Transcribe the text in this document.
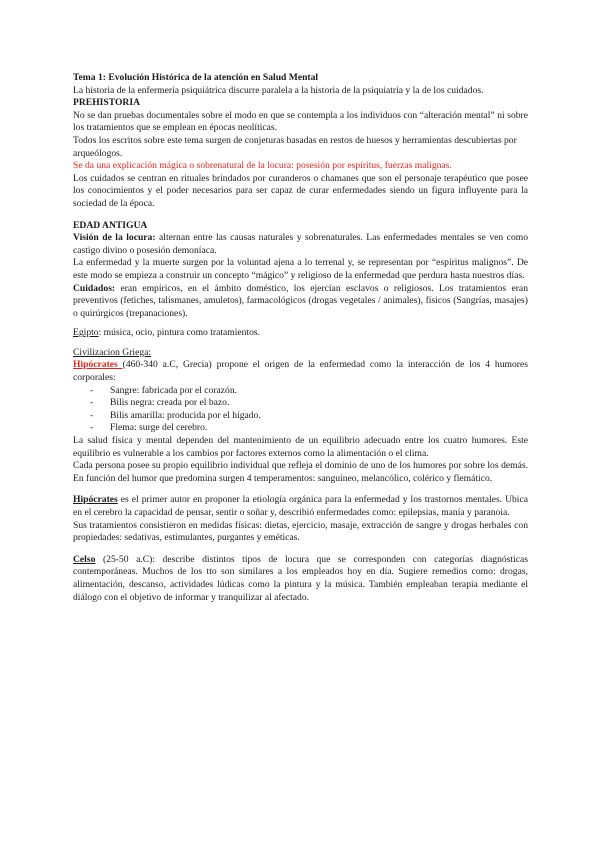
Tema 1: Evolución Histórica de la atención en Salud Mental

La historia de la enfermería psiquiátrica discurre paralela a la historia de la psiquiatría y la de los cuidados.

PREHISTORIA

No se dan pruebas documentales sobre el modo en que se contempla a los individuos con “alteración mental” ni sobre los tratamientos que se emplean en épocas neolíticas.

Todos los escritos sobre este tema surgen de conjeturas basadas en restos de huesos y herramientas descubiertas por arqueólogos.

Se da una explicación mágica o sobrenatural de la locura: posesión por espíritus, fuerzas malignas.

Los cuidados se centran en rituales brindados por curanderos o chamanes que son el personaje terapéutico que posee los conocimientos y el poder necesarios para ser capaz de curar enfermedades siendo un figura influyente para la sociedad de la época.

EDAD ANTIGUA

Visión de la locura: alternan entre las causas naturales y sobrenaturales. Las enfermedades mentales se ven como castigo divino o posesión demoníaca.

La enfermedad y la muerte surgen por la voluntad ajena a lo terrenal y, se representan por “espíritus malignos”. De este modo se empieza a construir un concepto “mágico” y religioso de la enfermedad que perdura hasta nuestros días.

Cuidados: eran empíricos, en el ámbito doméstico, los ejercían esclavos o religiosos. Los tratamientos eran preventivos (fetiches, talismanes, amuletos), farmacológicos (drogas vegetales / animales), físicos (Sangrías, masajes) o quirúrgicos (trepanaciones).

Egipto: música, ocio, pintura como tratamientos.

Civilizacion Griega:

Hipócrates (460-340 a.C, Grecia) propone el origen de la enfermedad como la interacción de los 4 humores corporales:

- Sangre: fabricada por el corazón.
- Bilis negra: creada por el bazo.
- Bilis amarilla: producida por el hígado.
- Flema: surge del cerebro.

La salud física y mental dependen del mantenimiento de un equilibrio adecuado entre los cuatro humores. Este equilibrio es vulnerable a los cambios por factores externos como la alimentación o el clima.

Cada persona posee su propio equilibrio individual que refleja el dominio de uno de los humores por sobre los demás. En función del humor que predomina surgen 4 temperamentos: sanguíneo, melancólico, colérico y flemático.

Hipócrates es el primer autor en proponer la etiología orgánica para la enfermedad y los trastornos mentales. Ubica en el cerebro la capacidad de pensar, sentir o soñar y, describió enfermedades como: epilepsias, manía y paranoia.

Sus tratamientos consistieron en medidas físicas: dietas, ejercicio, masaje, extracción de sangre y drogas herbales con propiedades: sedativas, estimulantes, purgantes y eméticas.

Celso (25-50 a.C): describe distintos tipos de locura que se corresponden con categorías diagnósticas contemporáneas. Muchos de los tto son similares a los empleados hoy en día. Sugiere remedios como: drogas, alimentación, descanso, actividades lúdicas como la pintura y la música. También empleaban terapia mediante el diálogo con el objetivo de informar y tranquilizar al afectado.
